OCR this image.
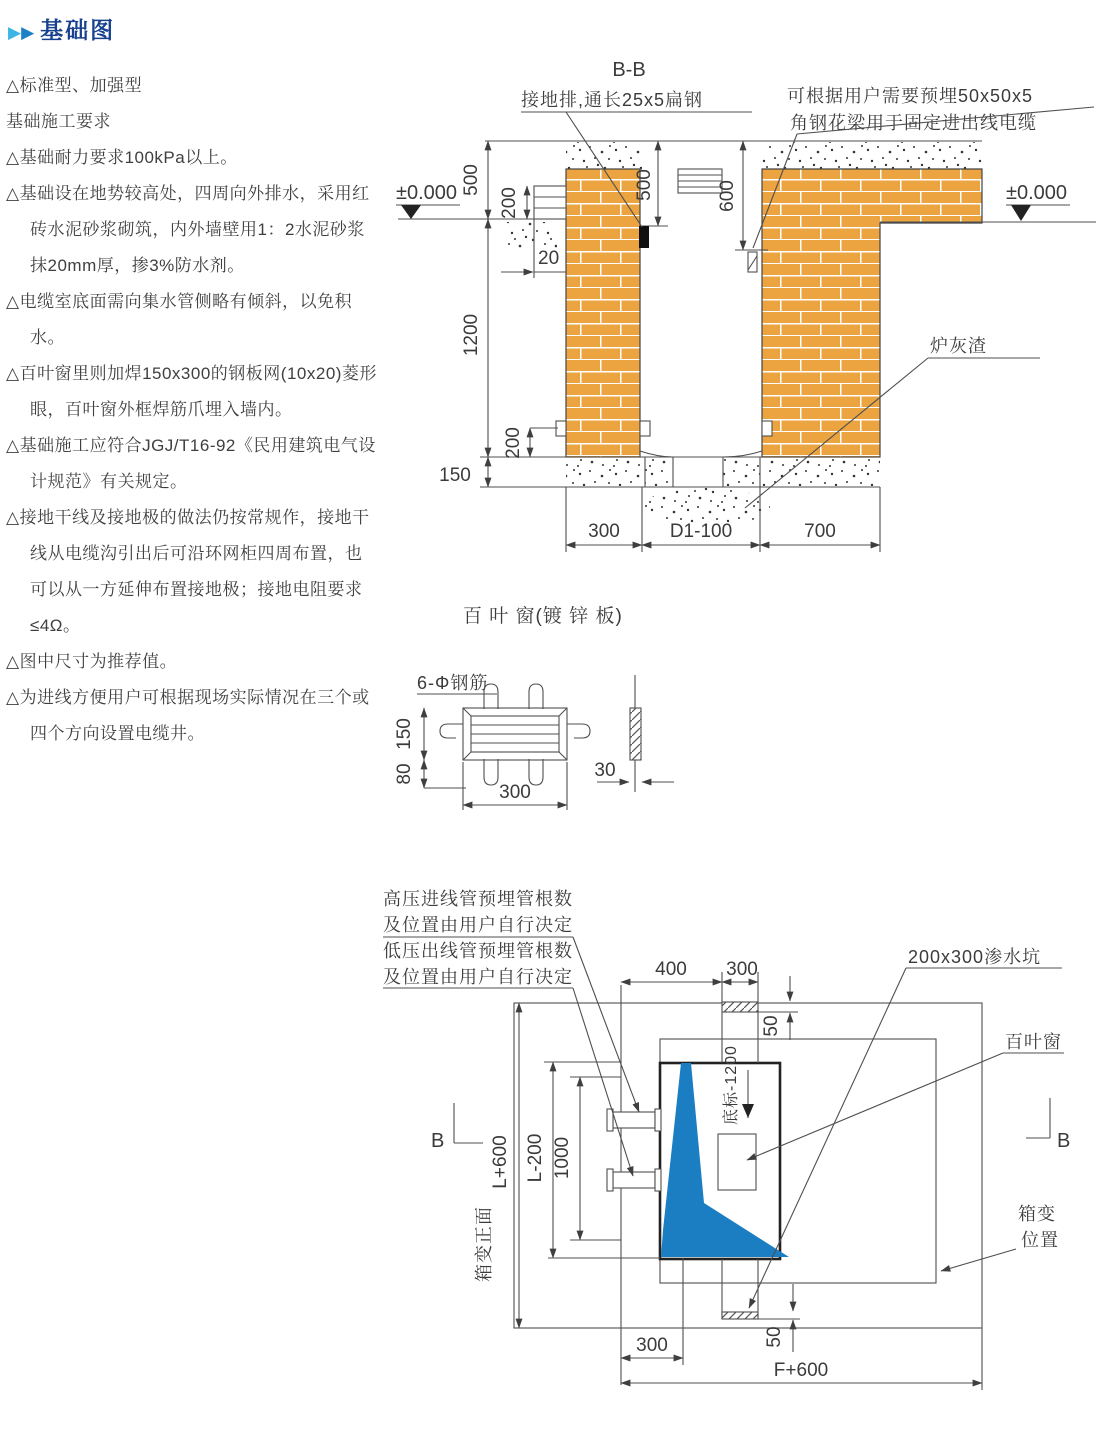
▶ ▶ 基础图
△标准型、加强型
基础施工要求
△基础耐力要求100kPa以上。
△基础设在地势较高处，四周向外排水，采用红砖水泥砂浆砌筑，内外墙壁用1：2水泥砂浆抹20mm厚，掺3%防水剂。
△电缆室底面需向集水管侧略有倾斜，以免积水。
△百叶窗里则加焊150x300的钢板网(10x20)菱形眼，百叶窗外框焊筋爪埋入墙内。
△基础施工应符合JGJ/T16-92《民用建筑电气设计规范》有关规定。
△接地干线及接地极的做法仍按常规作，接地干线从电缆沟引出后可沿环网柜四周布置，也可以从一方延伸布置接地极；接地电阻要求≤4Ω。
△图中尺寸为推荐值。
△为进线方便用户可根据现场实际情况在三个或四个方向设置电缆井。
B-B
±0.000	±0.000
500
1200
150
200
20
500	600
200
300	D1-100	700
接地排,通长25x5扁钢	可根据用户需要预埋50x50x5
角钢花梁用于固定进出线电缆
炉灰渣
百 叶 窗(镀 锌 板)
6-Φ钢筋
150
80
300
30
底标-1200
400 300
50
L+600
箱变正面
L-200 1000
B	B
50
300
F+600
高压进线管预埋管根数
及位置由用户自行决定
低压出线管预埋管根数
及位置由用户自行决定
200x300渗水坑
百叶窗
箱变
位置
